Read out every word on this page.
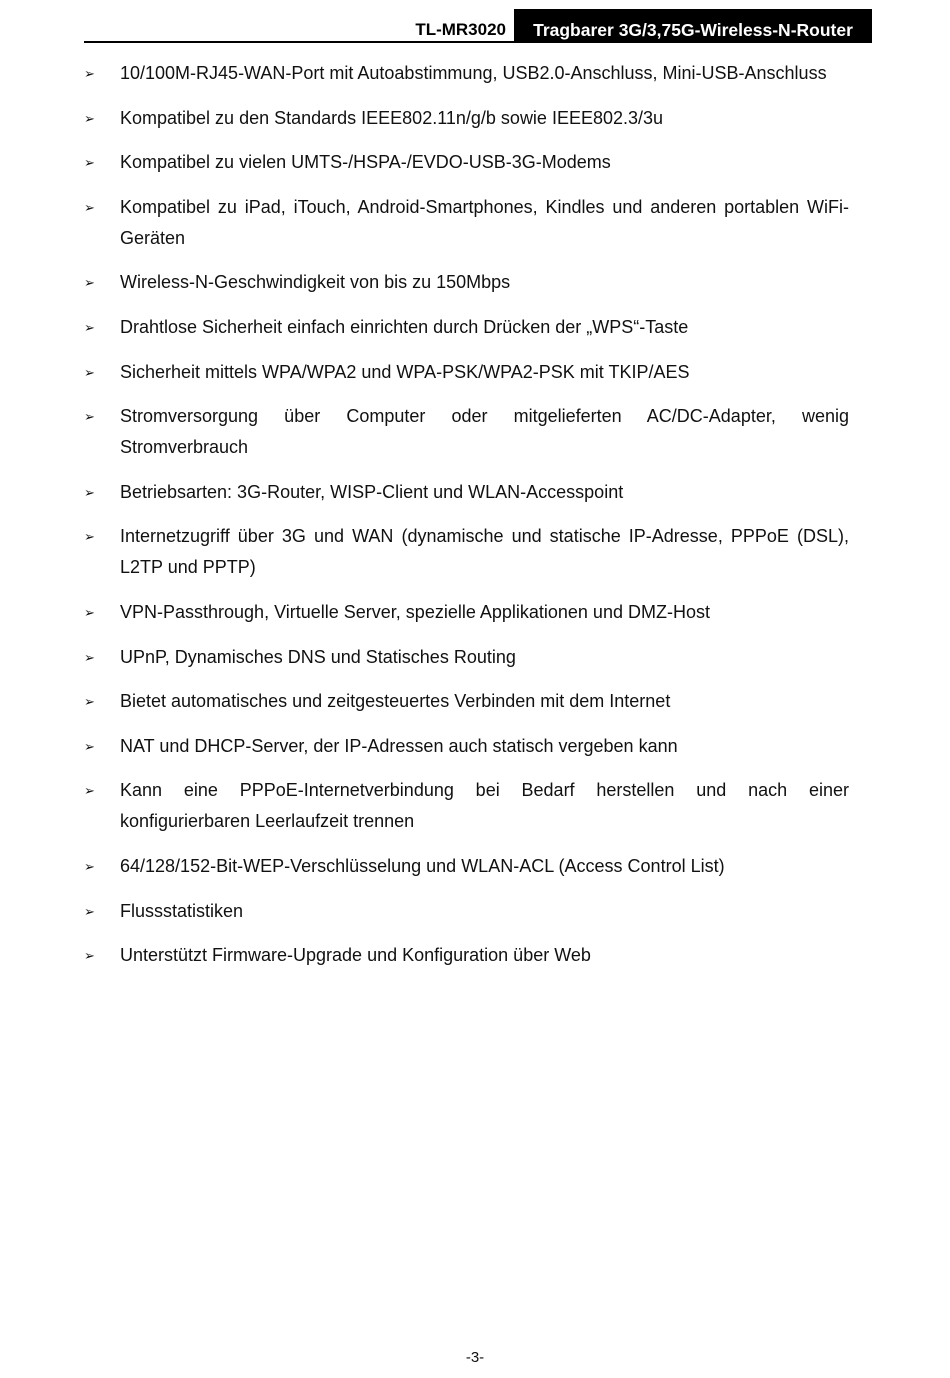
TL-MR3020	Tragbarer 3G/3,75G-Wireless-N-Router
➢ 10/100M-RJ45-WAN-Port mit Autoabstimmung, USB2.0-Anschluss, Mini-USB-Anschluss
➢ Kompatibel zu den Standards IEEE802.11n/g/b sowie IEEE802.3/3u
➢ Kompatibel zu vielen UMTS-/HSPA-/EVDO-USB-3G-Modems
➢ Kompatibel zu iPad, iTouch, Android-Smartphones, Kindles und anderen portablen WiFi-Geräten
➢ Wireless-N-Geschwindigkeit von bis zu 150Mbps
➢ Drahtlose Sicherheit einfach einrichten durch Drücken der „WPS“-Taste
➢ Sicherheit mittels WPA/WPA2 und WPA-PSK/WPA2-PSK mit TKIP/AES
➢ Stromversorgung über Computer oder mitgelieferten AC/DC-Adapter, wenig Stromverbrauch
➢ Betriebsarten: 3G-Router, WISP-Client und WLAN-Accesspoint
➢ Internetzugriff über 3G und WAN (dynamische und statische IP-Adresse, PPPoE (DSL), L2TP und PPTP)
➢ VPN-Passthrough, Virtuelle Server, spezielle Applikationen und DMZ-Host
➢ UPnP, Dynamisches DNS und Statisches Routing
➢ Bietet automatisches und zeitgesteuertes Verbinden mit dem Internet
➢ NAT und DHCP-Server, der IP-Adressen auch statisch vergeben kann
➢ Kann eine PPPoE-Internetverbindung bei Bedarf herstellen und nach einer konfigurierbaren Leerlaufzeit trennen
➢ 64/128/152-Bit-WEP-Verschlüsselung und WLAN-ACL (Access Control List)
➢ Flussstatistiken
➢ Unterstützt Firmware-Upgrade und Konfiguration über Web
-3-
